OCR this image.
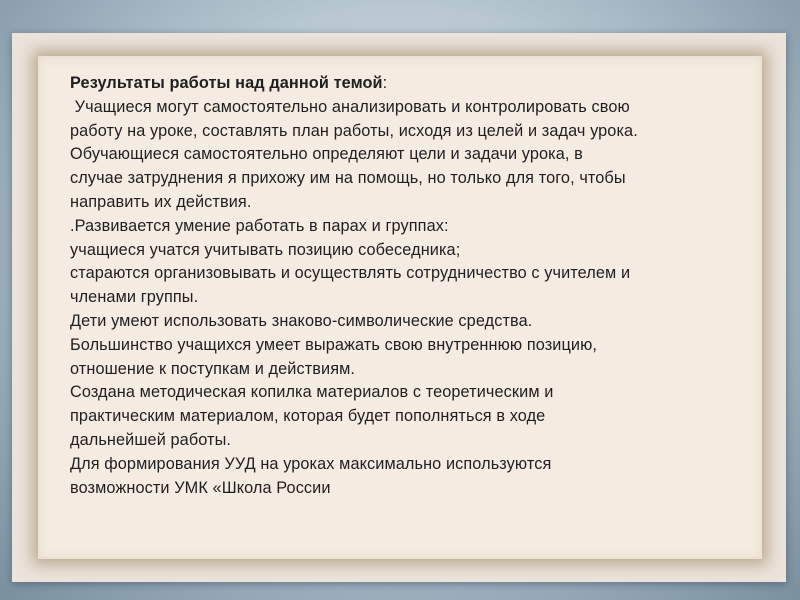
Результаты работы над данной темой:
Учащиеся могут самостоятельно анализировать и контролировать свою
работу на уроке, составлять план работы, исходя из целей и задач урока.
Обучающиеся самостоятельно определяют цели и задачи урока, в
случае затруднения я прихожу им на помощь, но только для того, чтобы
направить их действия.
.Развивается умение работать в парах и группах:
учащиеся учатся учитывать позицию собеседника;
стараются организовывать и осуществлять сотрудничество с учителем и
членами группы.
Дети умеют использовать знаково-символические средства.
Большинство учащихся умеет выражать свою внутреннюю позицию,
отношение к поступкам и действиям.
Создана методическая копилка материалов с теоретическим и
практическим материалом, которая будет пополняться в ходе
дальнейшей работы.
Для формирования УУД на уроках максимально используются
возможности УМК «Школа России
